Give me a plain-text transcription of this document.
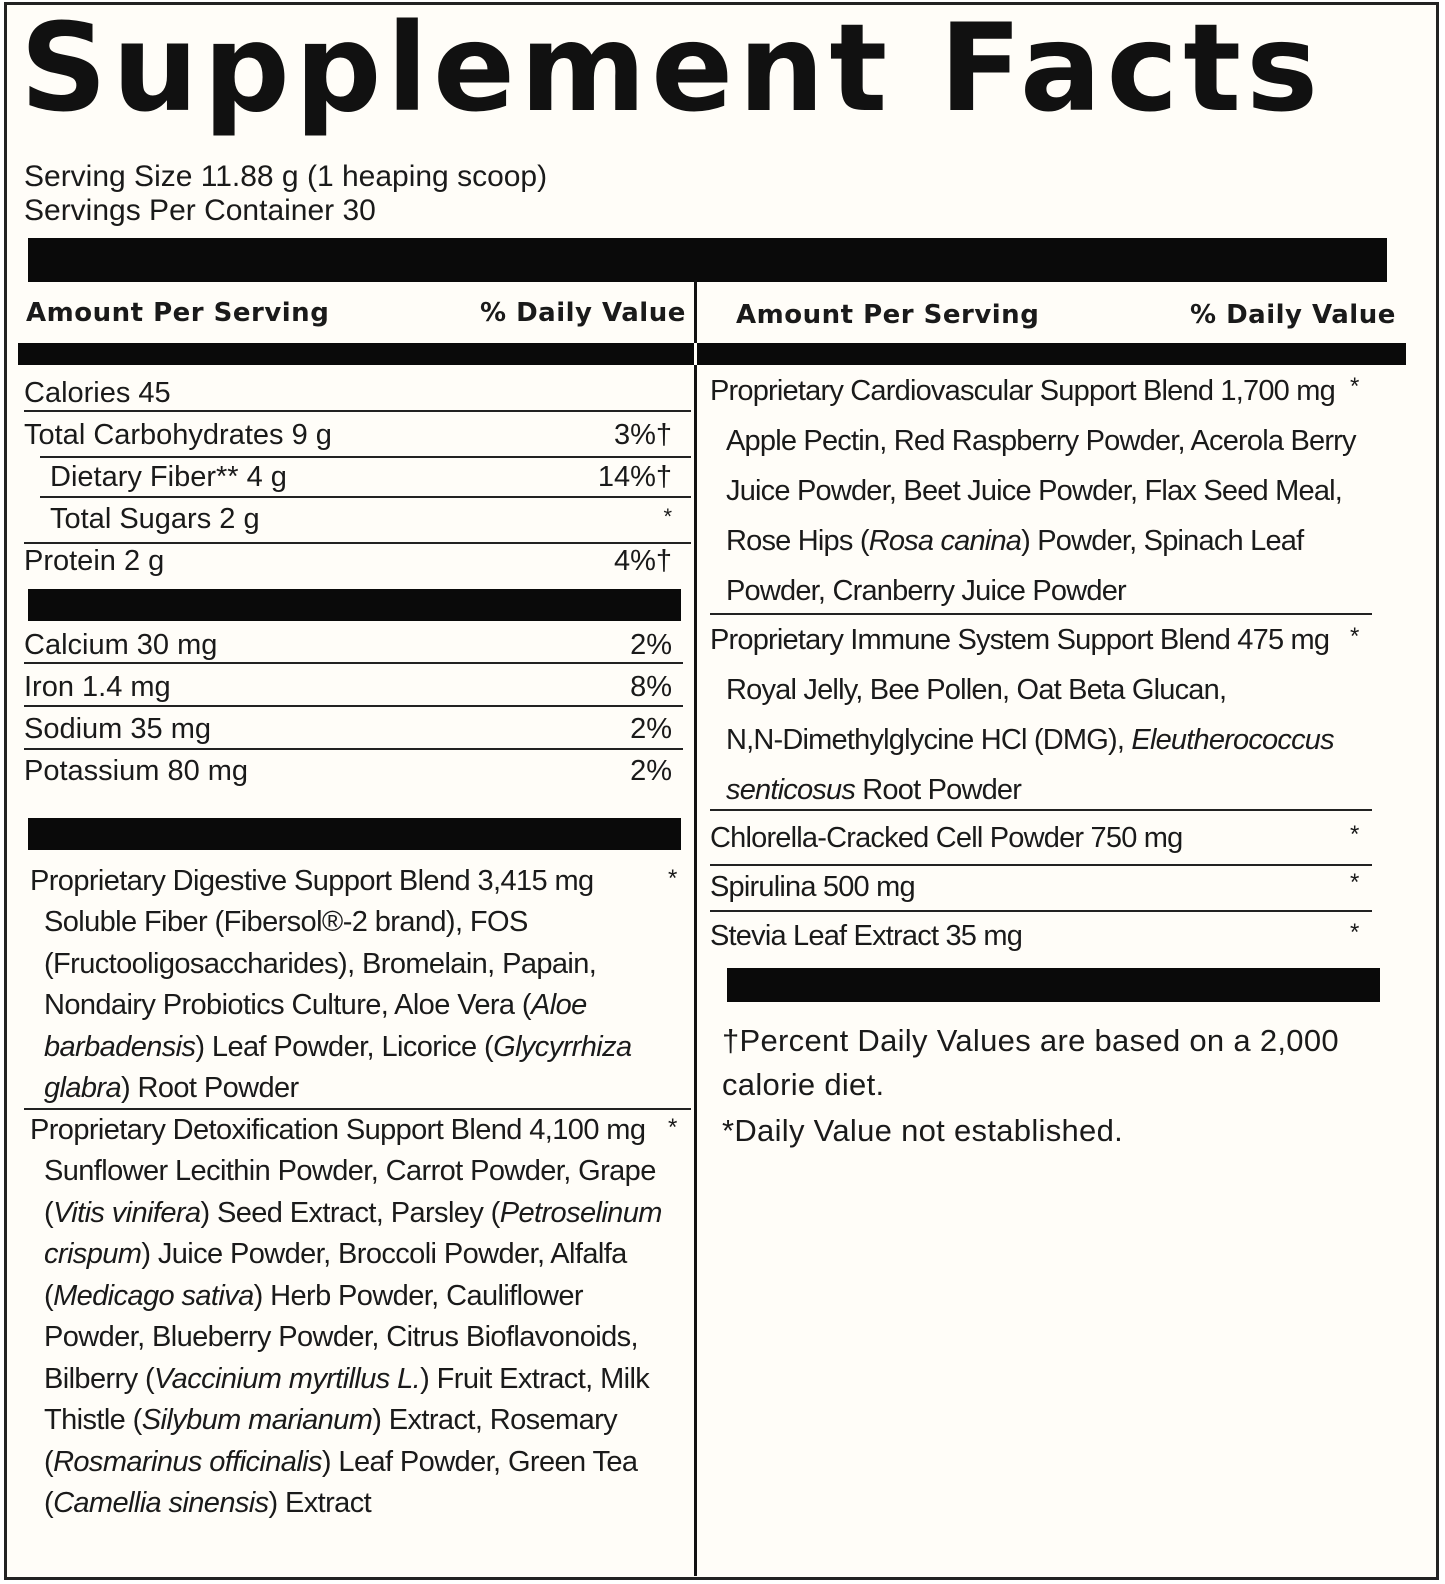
Supplement Facts
Serving Size 11.88 g (1 heaping scoop)
Servings Per Container 30
Amount Per Serving	% Daily Value Amount Per Serving	% Daily Value
Calories 45
Total Carbohydrates 9 g	3%†
Dietary Fiber** 4 g	14%†
Total Sugars 2 g	*
Protein 2 g	4%†
Calcium 30 mg	2%
Iron 1.4 mg	8%
Sodium 35 mg	2%
Potassium 80 mg	2%
Proprietary Digestive Support Blend 3,415 mg	*
Soluble Fiber (Fibersol®-2 brand), FOS
(Fructooligosaccharides), Bromelain, Papain,
Nondairy Probiotics Culture, Aloe Vera (Aloe
barbadensis) Leaf Powder, Licorice (Glycyrrhiza
glabra) Root Powder
Proprietary Detoxification Support Blend 4,100 mg *
Sunflower Lecithin Powder, Carrot Powder, Grape
(Vitis vinifera) Seed Extract, Parsley (Petroselinum
crispum) Juice Powder, Broccoli Powder, Alfalfa
(Medicago sativa) Herb Powder, Cauliflower
Powder, Blueberry Powder, Citrus Bioflavonoids,
Bilberry (Vaccinium myrtillus L.) Fruit Extract, Milk
Thistle (Silybum marianum) Extract, Rosemary
(Rosmarinus officinalis) Leaf Powder, Green Tea
(Camellia sinensis) Extract
Proprietary Cardiovascular Support Blend 1,700 mg *
Apple Pectin, Red Raspberry Powder, Acerola Berry
Juice Powder, Beet Juice Powder, Flax Seed Meal,
Rose Hips (Rosa canina) Powder, Spinach Leaf
Powder, Cranberry Juice Powder
Proprietary Immune System Support Blend 475 mg *
Royal Jelly, Bee Pollen, Oat Beta Glucan,
N,N-Dimethylglycine HCl (DMG), Eleutherococcus
senticosus Root Powder
Chlorella-Cracked Cell Powder 750 mg	*
Spirulina 500 mg	*
Stevia Leaf Extract 35 mg	*
†Percent Daily Values are based on a 2,000
calorie diet.
*Daily Value not established.
